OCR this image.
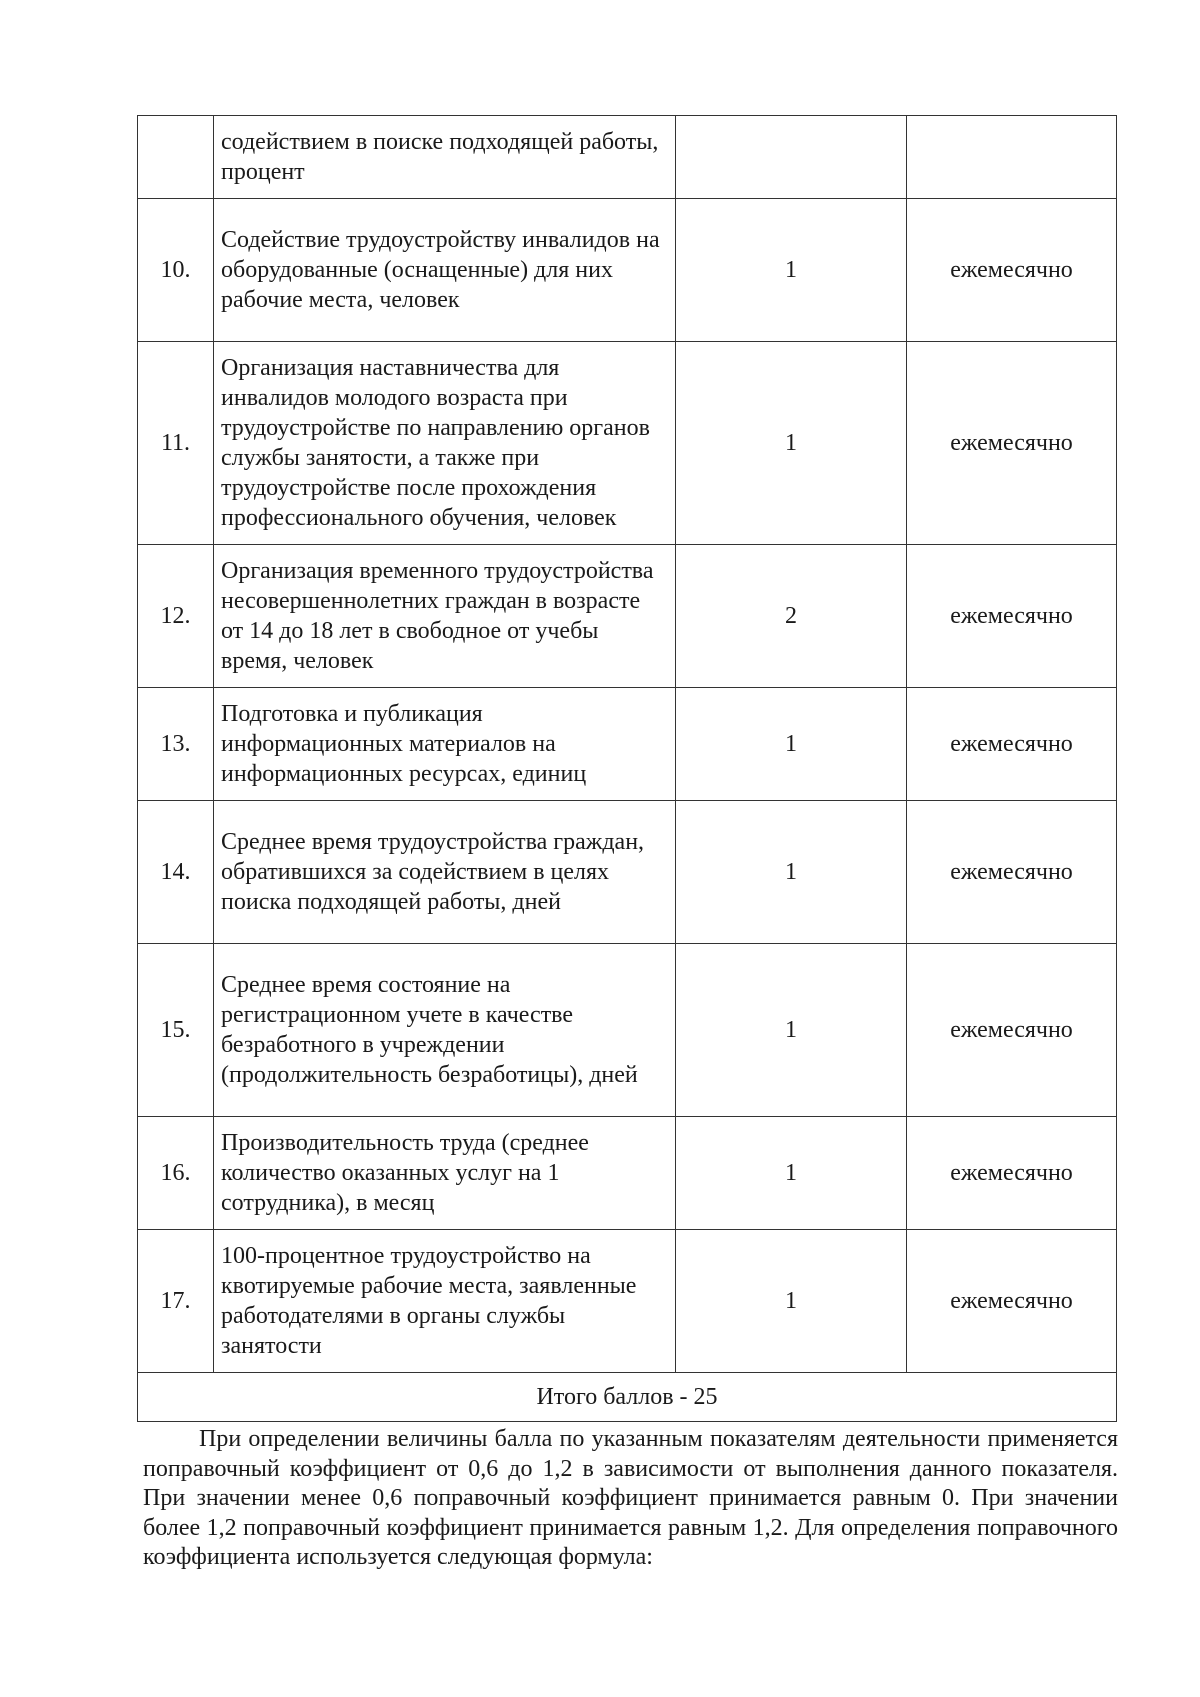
	содействием в поиске подходящей работы, процент		
10.	Содействие трудоустройству инвалидов на оборудованные (оснащенные) для них рабочие места, человек	1	ежемесячно
11.	Организация наставничества для инвалидов молодого возраста при трудоустройстве по направлению органов службы занятости, а также при трудоустройстве после прохождения профессионального обучения, человек	1	ежемесячно
12.	Организация временного трудоустройства несовершеннолетних граждан в возрасте от 14 до 18 лет в свободное от учебы время, человек	2	ежемесячно
13.	Подготовка и публикация информационных материалов на информационных ресурсах, единиц	1	ежемесячно
14.	Среднее время трудоустройства граждан, обратившихся за содействием в целях поиска подходящей работы, дней	1	ежемесячно
15.	Среднее время состояние на регистрационном учете в качестве безработного в учреждении (продолжительность безработицы), дней	1	ежемесячно
16.	Производительность труда (среднее количество оказанных услуг на 1 сотрудника), в месяц	1	ежемесячно
17.	100-процентное трудоустройство на квотируемые рабочие места, заявленные работодателями в органы службы занятости	1	ежемесячно
Итого баллов - 25			

При определении величины балла по указанным показателям деятельности применяется поправочный коэффициент от 0,6 до 1,2 в зависимости от выполнения данного показателя. При значении менее 0,6 поправочный коэффициент принимается равным 0. При значении более 1,2 поправочный коэффициент принимается равным 1,2. Для определения поправочного коэффициента используется следующая формула:
